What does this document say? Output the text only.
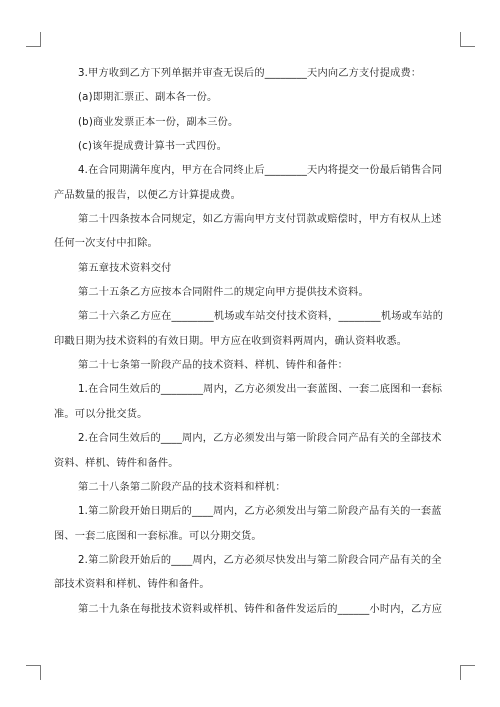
3.甲方收到乙方下列单据并审查无误后的________天内向乙方支付提成费：

(a)即期汇票正、副本各一份。

(b)商业发票正本一份，副本三份。

(c)该年提成费计算书一式四份。

4.在合同期满年度内，甲方在合同终止后________天内将提交一份最后销售合同

产品数量的报告，以便乙方计算提成费。

第二十四条按本合同规定，如乙方需向甲方支付罚款或赔偿时，甲方有权从上述

任何一次支付中扣除。

第五章技术资料交付

第二十五条乙方应按本合同附件二的规定向甲方提供技术资料。

第二十六条乙方应在________机场或车站交付技术资料，________机场或车站的

印戳日期为技术资料的有效日期。甲方应在收到资料两周内，确认资料收悉。

第二十七条第一阶段产品的技术资料、样机、铸件和备件：

1.在合同生效后的________周内，乙方必须发出一套蓝图、一套二底图和一套标

准。可以分批交货。

2.在合同生效后的____周内，乙方必须发出与第一阶段合同产品有关的全部技术

资料、样机、铸件和备件。

第二十八条第二阶段产品的技术资料和样机：

1.第二阶段开始日期后的____周内，乙方必须发出与第二阶段产品有关的一套蓝

图、一套二底图和一套标准。可以分期交货。

2.第二阶段开始后的____周内，乙方必须尽快发出与第二阶段合同产品有关的全

部技术资料和样机、铸件和备件。

第二十九条在每批技术资料或样机、铸件和备件发运后的______小时内，乙方应
